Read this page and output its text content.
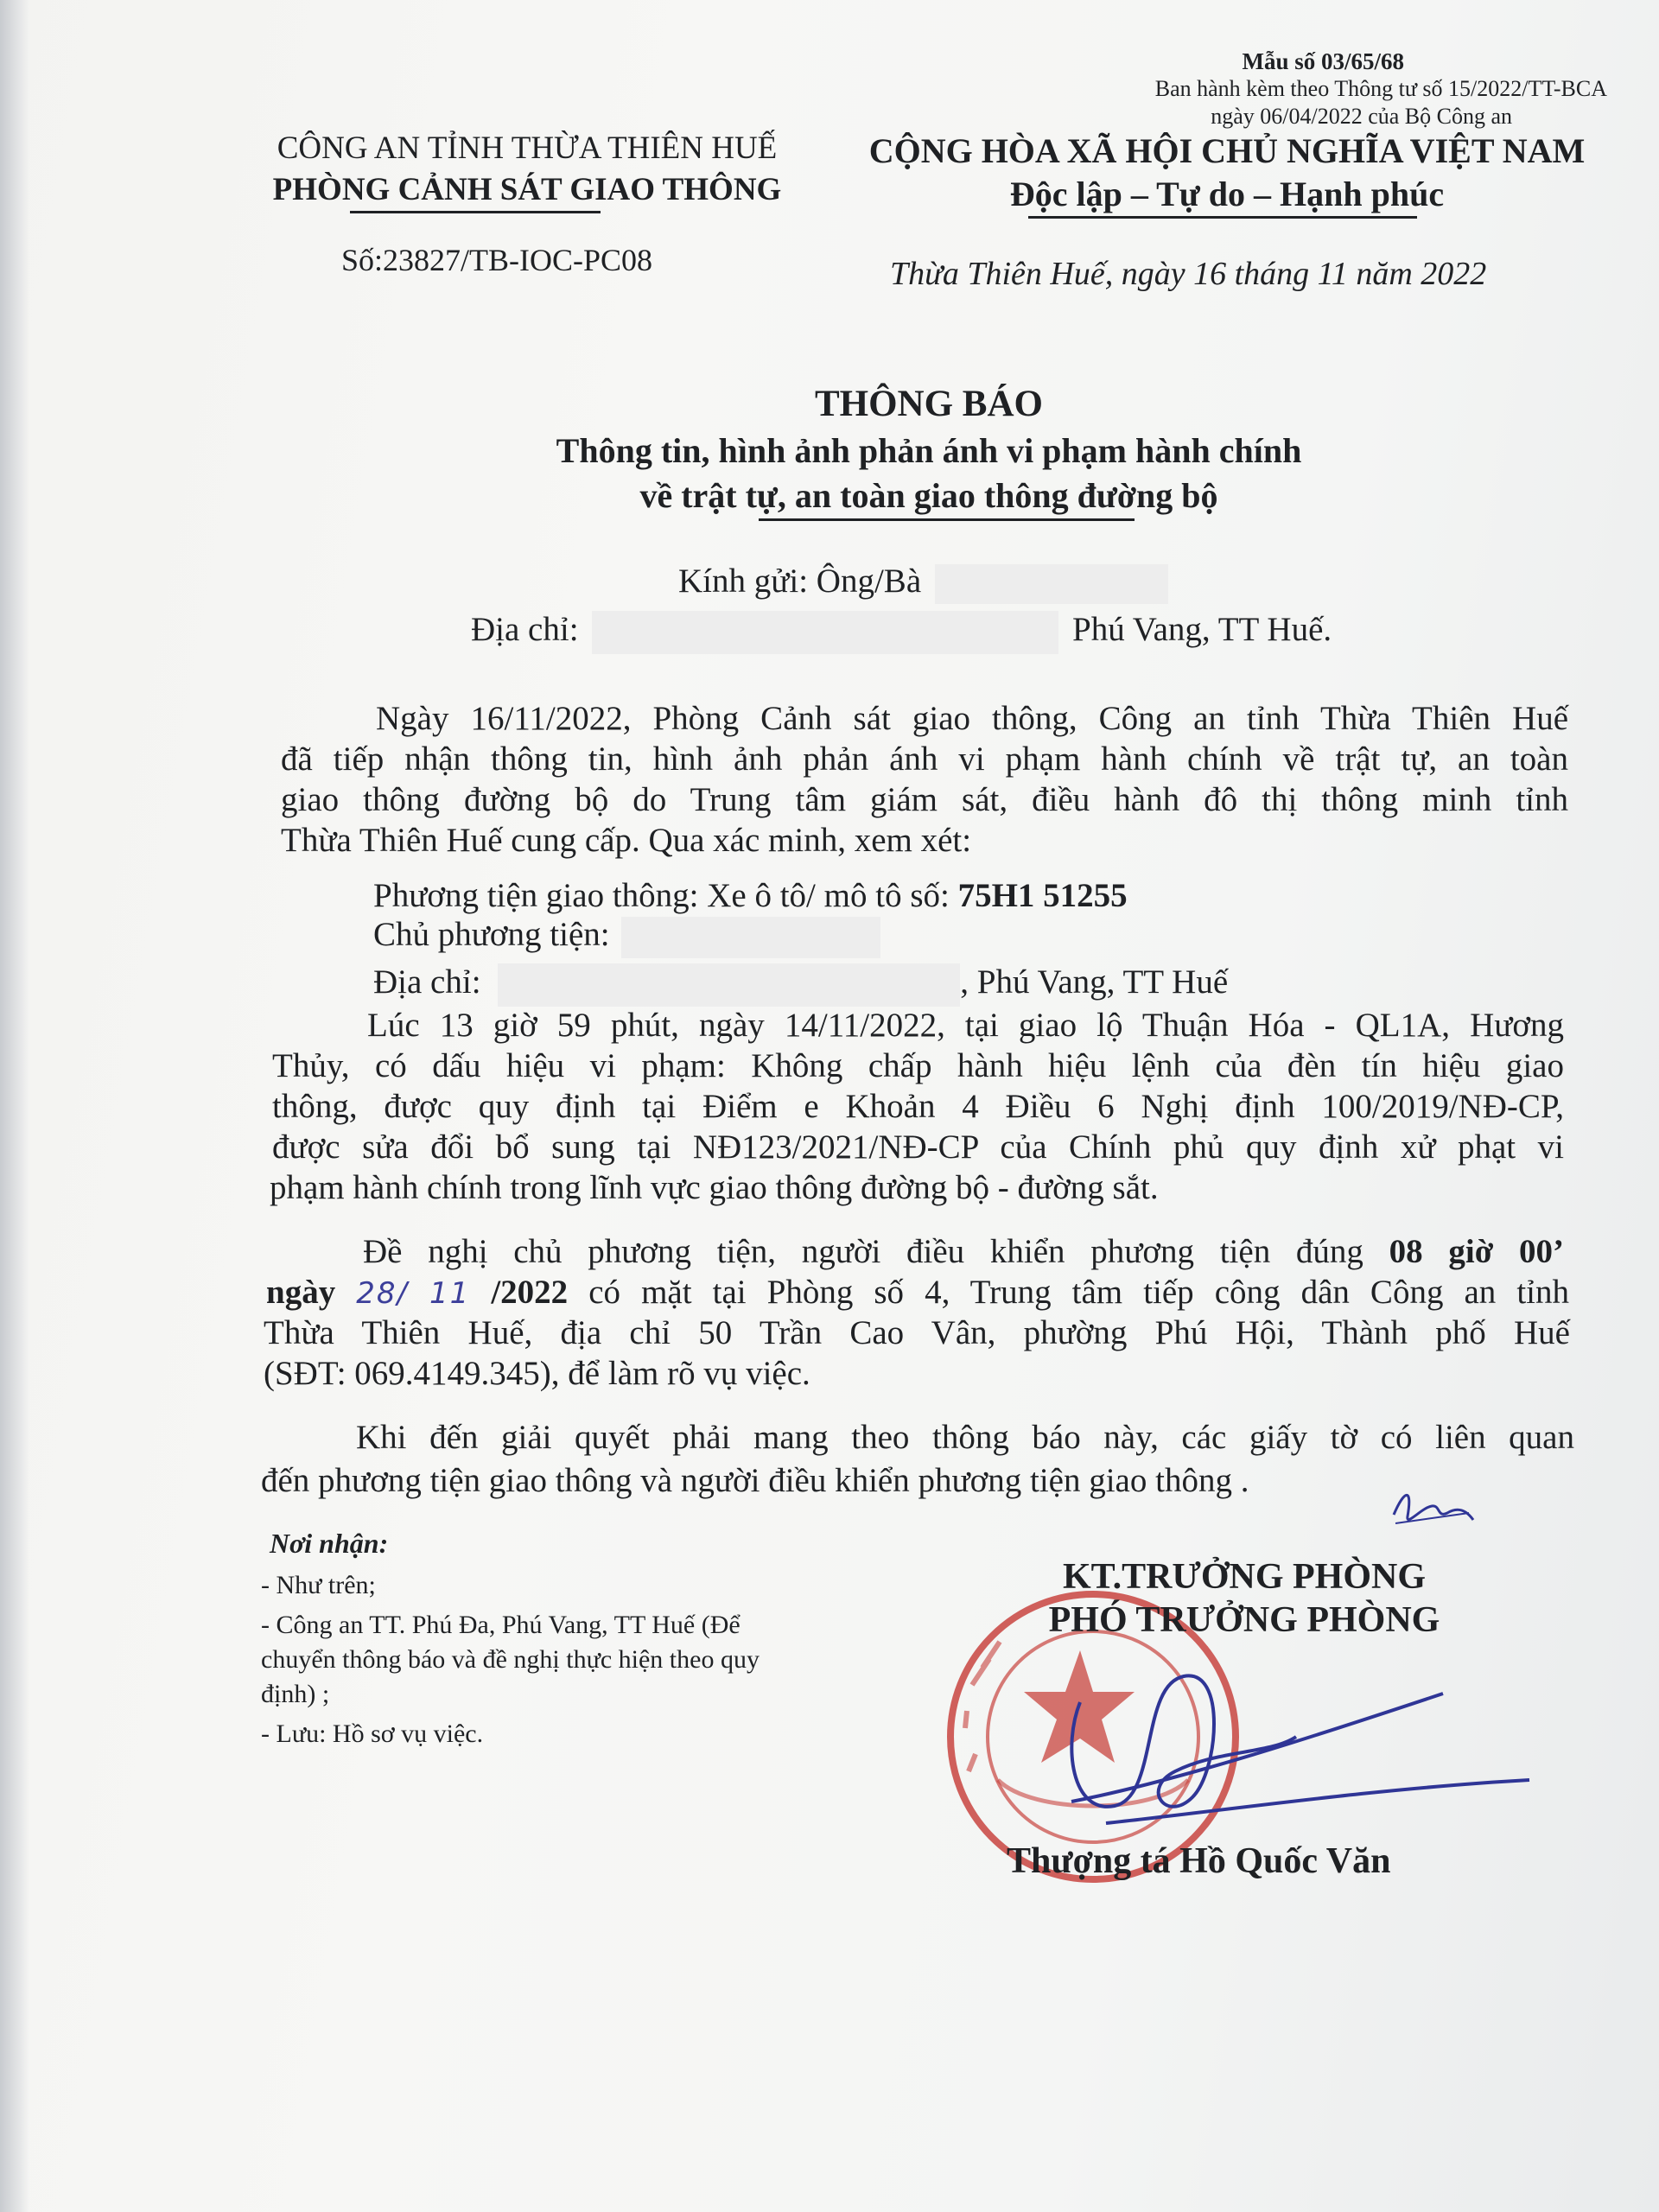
Mẫu số 03/65/68
Ban hành kèm theo Thông tư số 15/2022/TT-BCA
ngày 06/04/2022 của Bộ Công an
CÔNG AN TỈNH THỪA THIÊN HUẾ
PHÒNG CẢNH SÁT GIAO THÔNG
CỘNG HÒA XÃ HỘI CHỦ NGHĨA VIỆT NAM
Độc lập – Tự do – Hạnh phúc
Số:23827/TB-IOC-PC08	Thừa Thiên Huế, ngày 16 tháng 11 năm 2022
THÔNG BÁO
Thông tin, hình ảnh phản ánh vi phạm hành chính
về trật tự, an toàn giao thông đường bộ
Kính gửi: Ông/Bà
Địa chỉ:	Phú Vang, TT Huế.
Ngày 16/11/2022, Phòng Cảnh sát giao thông, Công an tỉnh Thừa Thiên Huế
đã tiếp nhận thông tin, hình ảnh phản ánh vi phạm hành chính về trật tự, an toàn
giao thông đường bộ do Trung tâm giám sát, điều hành đô thị thông minh tỉnh
Thừa Thiên Huế cung cấp. Qua xác minh, xem xét:
Phương tiện giao thông: Xe ô tô/ mô tô số: 75H1 51255
Chủ phương tiện:
Địa chỉ:	, Phú Vang, TT Huế
Lúc 13 giờ 59 phút, ngày 14/11/2022, tại giao lộ Thuận Hóa - QL1A, Hương
Thủy, có dấu hiệu vi phạm: Không chấp hành hiệu lệnh của đèn tín hiệu giao
thông, được quy định tại Điểm e Khoản 4 Điều 6 Nghị định 100/2019/NĐ-CP,
được sửa đổi bổ sung tại NĐ123/2021/NĐ-CP của Chính phủ quy định xử phạt vi
phạm hành chính trong lĩnh vực giao thông đường bộ - đường sắt.
Đề nghị chủ phương tiện, người điều khiển phương tiện đúng 08 giờ 00’
ngày 28/ 11 /2022 có mặt tại Phòng số 4, Trung tâm tiếp công dân Công an tỉnh
Thừa Thiên Huế, địa chỉ 50 Trần Cao Vân, phường Phú Hội, Thành phố Huế
(SĐT: 069.4149.345), để làm rõ vụ việc.
Khi đến giải quyết phải mang theo thông báo này, các giấy tờ có liên quan
đến phương tiện giao thông và người điều khiển phương tiện giao thông .
Nơi nhận:
- Như trên;
- Công an TT. Phú Đa, Phú Vang, TT Huế (Để
chuyển thông báo và đề nghị thực hiện theo quy
định) ;
- Lưu: Hồ sơ vụ việc.
KT.TRƯỞNG PHÒNG
PHÓ TRƯỞNG PHÒNG
Thượng tá Hồ Quốc Văn
